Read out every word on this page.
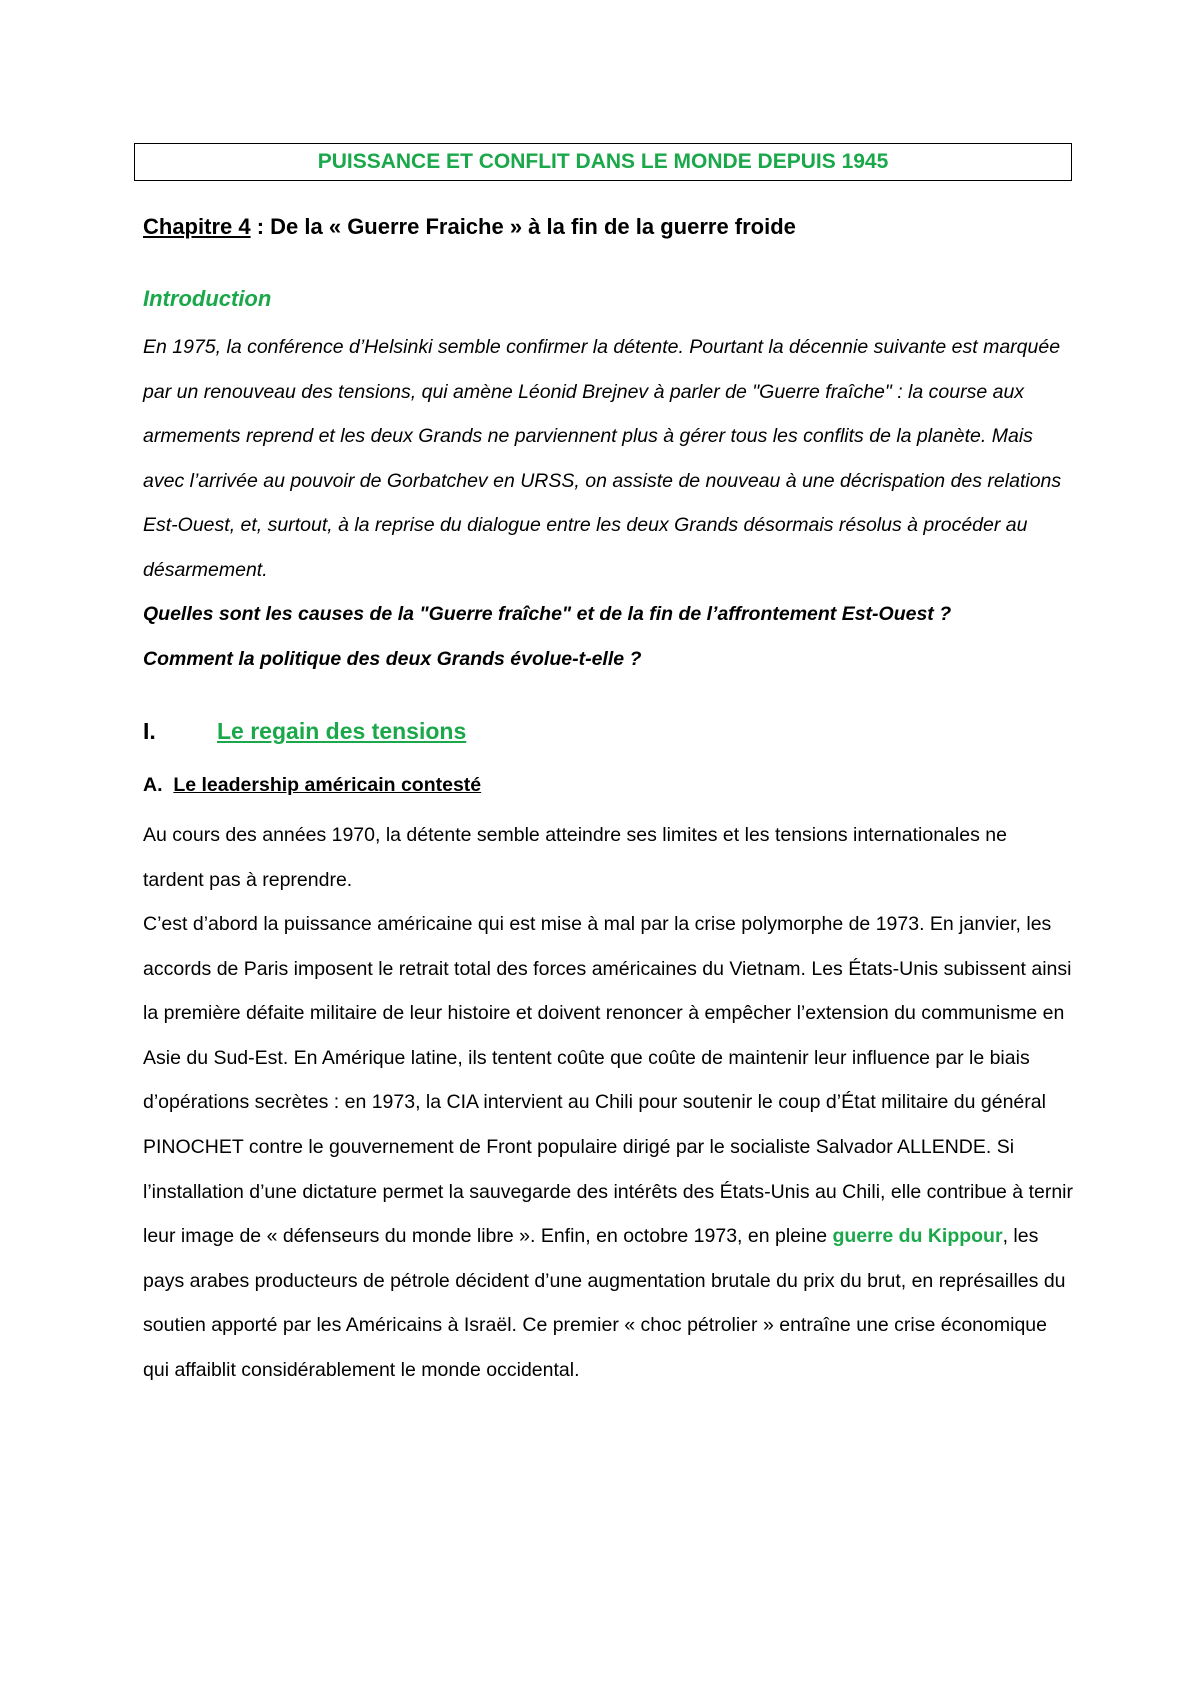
PUISSANCE ET CONFLIT DANS LE MONDE DEPUIS 1945
Chapitre 4 : De la « Guerre Fraiche » à la fin de la guerre froide
Introduction

En 1975, la conférence d’Helsinki semble confirmer la détente. Pourtant la décennie suivante est marquée par un renouveau des tensions, qui amène Léonid Brejnev à parler de "Guerre fraîche" : la course aux armements reprend et les deux Grands ne parviennent plus à gérer tous les conflits de la planète. Mais avec l’arrivée au pouvoir de Gorbatchev en URSS, on assiste de nouveau à une décrispation des relations Est-Ouest, et, surtout, à la reprise du dialogue entre les deux Grands désormais résolus à procéder au désarmement.

Quelles sont les causes de la "Guerre fraîche" et de la fin de l’affrontement Est-Ouest ?
Comment la politique des deux Grands évolue-t-elle ?

I.	Le regain des tensions
A. Le leadership américain contesté

Au cours des années 1970, la détente semble atteindre ses limites et les tensions internationales ne tardent pas à reprendre.

C’est d’abord la puissance américaine qui est mise à mal par la crise polymorphe de 1973. En janvier, les accords de Paris imposent le retrait total des forces américaines du Vietnam. Les États-Unis subissent ainsi la première défaite militaire de leur histoire et doivent renoncer à empêcher l’extension du communisme en Asie du Sud-Est. En Amérique latine, ils tentent coûte que coûte de maintenir leur influence par le biais d’opérations secrètes : en 1973, la CIA intervient au Chili pour soutenir le coup d’État militaire du général PINOCHET contre le gouvernement de Front populaire dirigé par le socialiste Salvador ALLENDE. Si l’installation d’une dictature permet la sauvegarde des intérêts des États-Unis au Chili, elle contribue à ternir leur image de « défenseurs du monde libre ». Enfin, en octobre 1973, en pleine guerre du Kippour, les pays arabes producteurs de pétrole décident d’une augmentation brutale du prix du brut, en représailles du soutien apporté par les Américains à Israël. Ce premier « choc pétrolier » entraîne une crise économique qui affaiblit considérablement le monde occidental.
